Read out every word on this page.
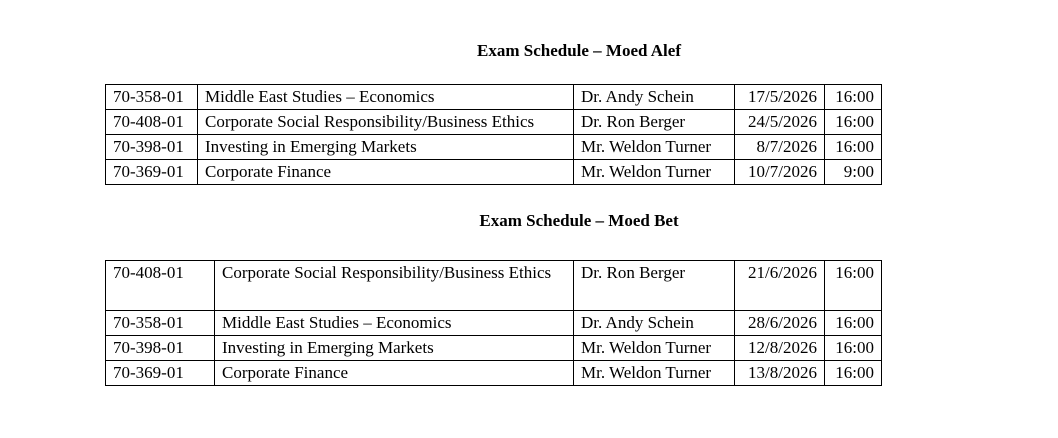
Exam Schedule – Moed Alef
70-358-01	Middle East Studies – Economics	Dr. Andy Schein	17/5/2026	16:00
70-408-01	Corporate Social Responsibility/Business Ethics	Dr. Ron Berger	24/5/2026	16:00
70-398-01	Investing in Emerging Markets	Mr. Weldon Turner	8/7/2026	16:00
70-369-01	Corporate Finance	Mr. Weldon Turner	10/7/2026	9:00
Exam Schedule – Moed Bet
70-408-01	Corporate Social Responsibility/Business Ethics	Dr. Ron Berger	21/6/2026	16:00
70-358-01	Middle East Studies – Economics	Dr. Andy Schein	28/6/2026	16:00
70-398-01	Investing in Emerging Markets	Mr. Weldon Turner	12/8/2026	16:00
70-369-01	Corporate Finance	Mr. Weldon Turner	13/8/2026	16:00
